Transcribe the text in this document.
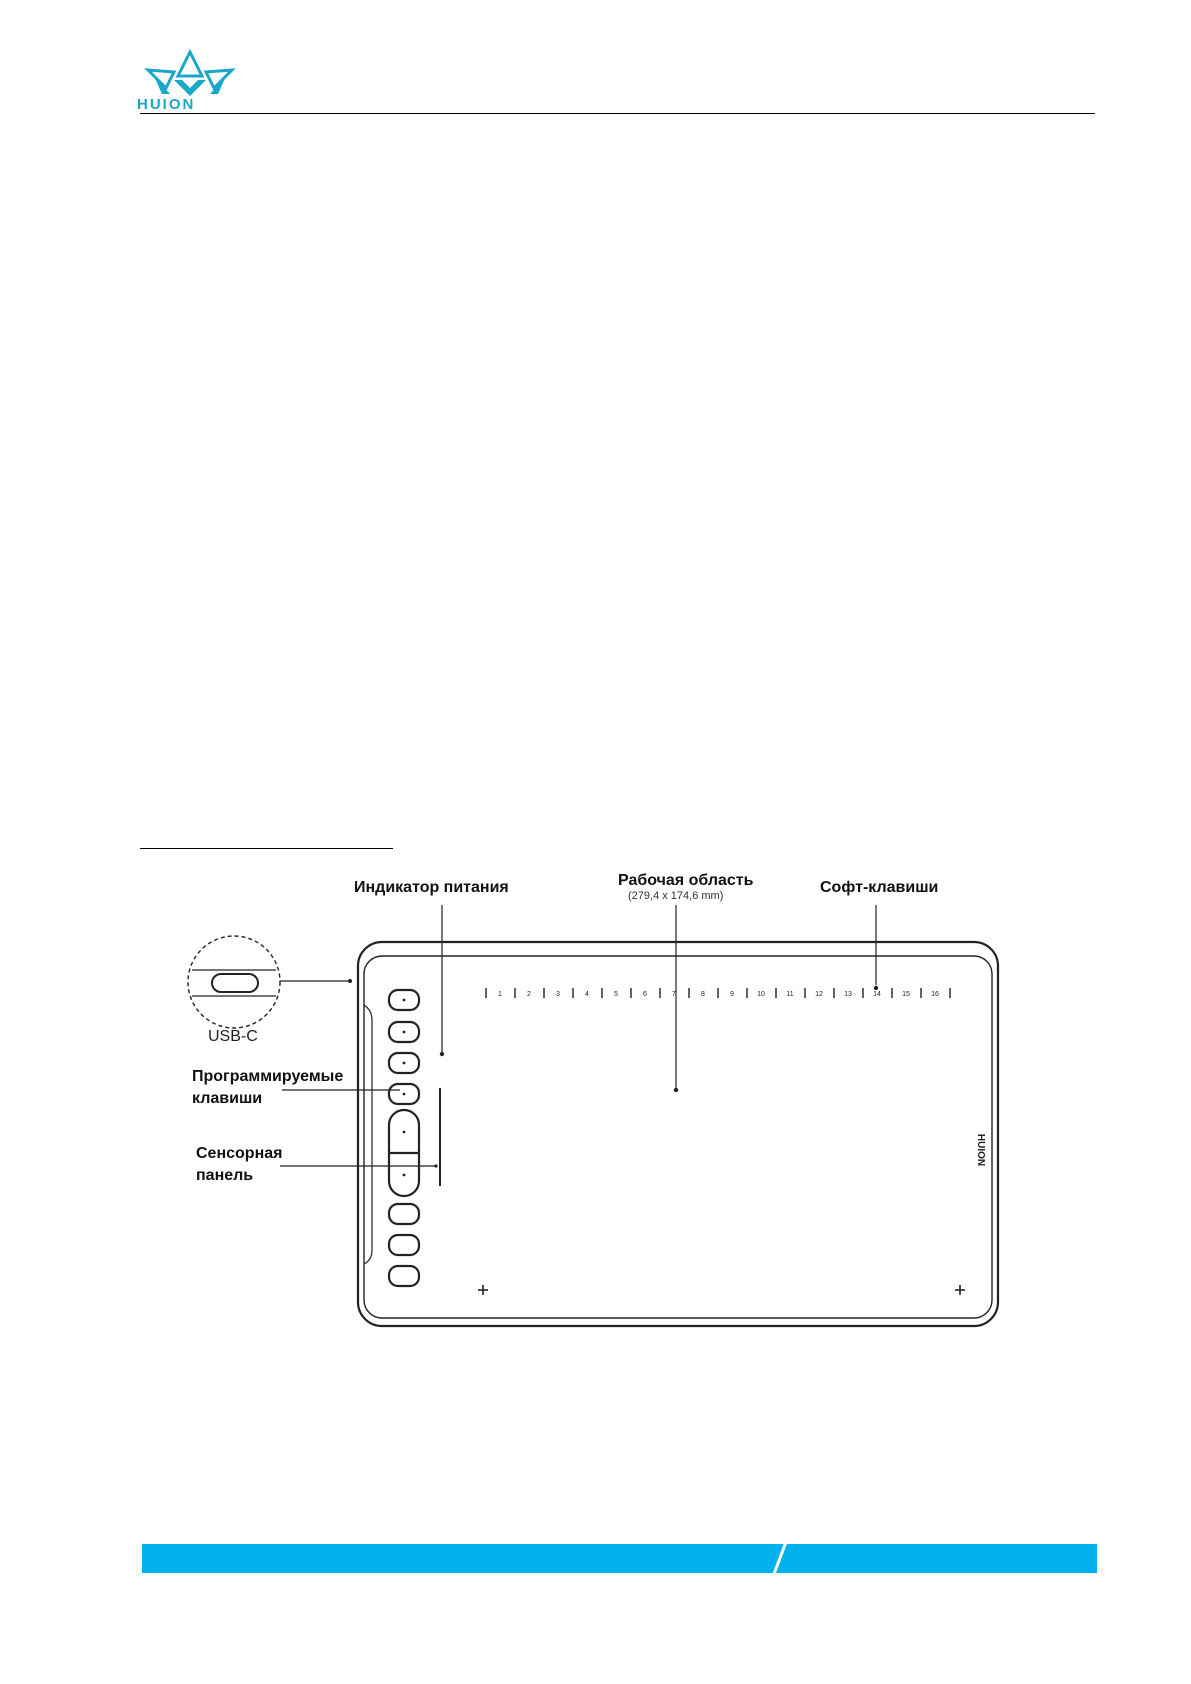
HUION
Индикатор питания	Рабочая область
(279,4 x 174,6 mm)	Софт-клавиши
Программируемые
клавиши
Сенсорная
панель
USB-C
1	2	3	4	5	6	7	8	9	10	11	12	13	14	15	16
HUION
